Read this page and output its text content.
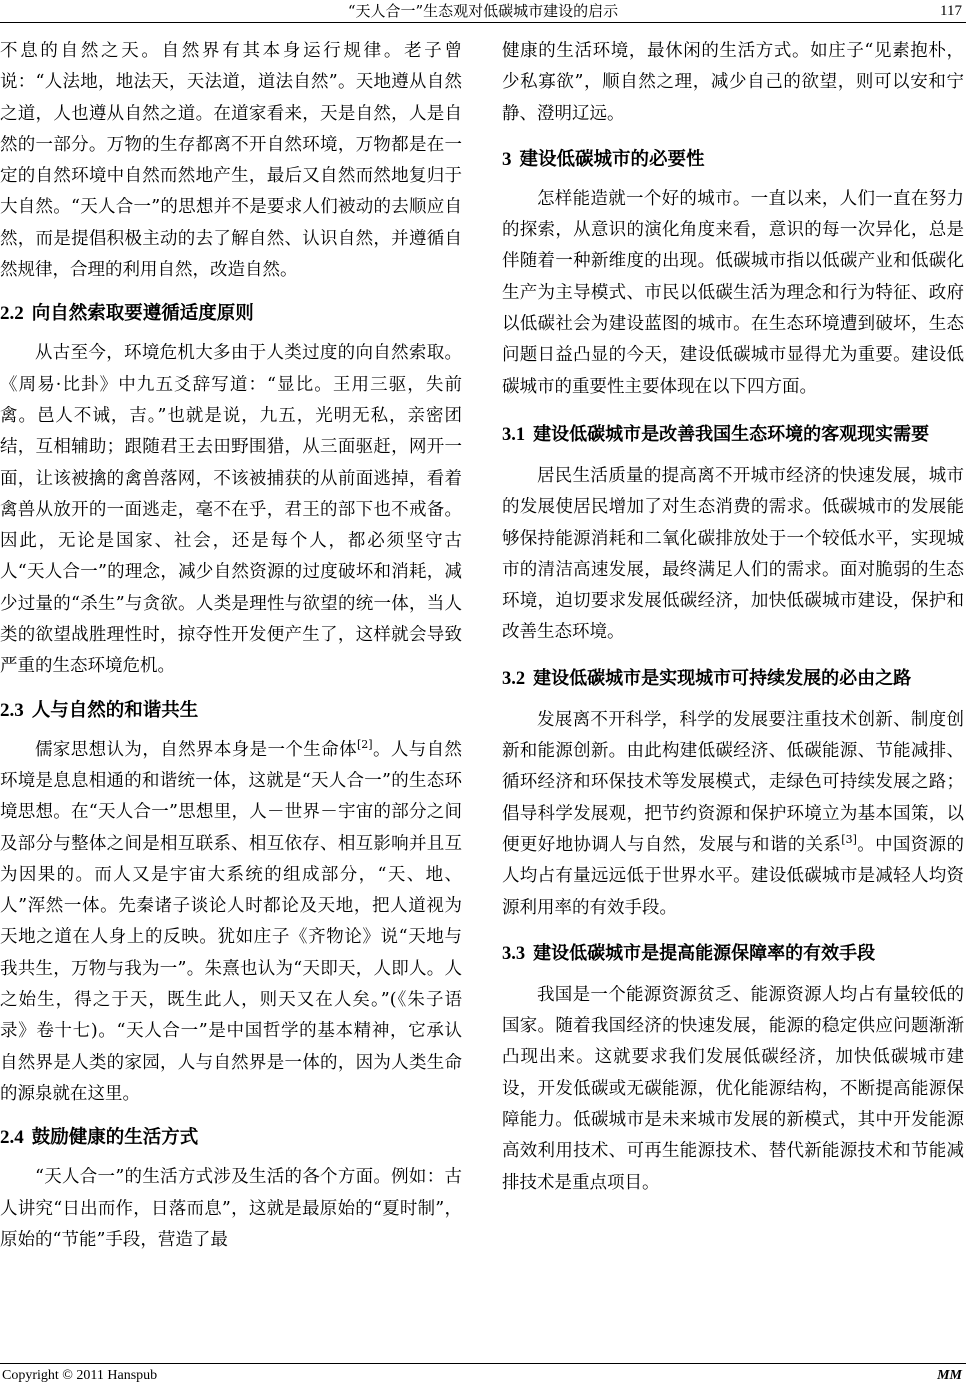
“天人合一”生态观对低碳城市建设的启示	117

不息的自然之天。自然界有其本身运行规律。老子曾说：“人法地，地法天，天法道，道法自然”。天地遵从自然之道，人也遵从自然之道。在道家看来，天是自然，人是自然的一部分。万物的生存都离不开自然环境，万物都是在一定的自然环境中自然而然地产生，最后又自然而然地复归于大自然。“天人合一”的思想并不是要求人们被动的去顺应自然，而是提倡积极主动的去了解自然、认识自然，并遵循自然规律，合理的利用自然，改造自然。

2.2 向自然索取要遵循适度原则

从古至今，环境危机大多由于人类过度的向自然索取。《周易·比卦》中九五爻辞写道：“显比。王用三驱，失前禽。邑人不诫，吉。”也就是说，九五，光明无私，亲密团结，互相辅助；跟随君王去田野围猎，从三面驱赶，网开一面，让该被擒的禽兽落网，不该被捕获的从前面逃掉，看着禽兽从放开的一面逃走，毫不在乎，君王的部下也不戒备。因此，无论是国家、社会，还是每个人，都必须坚守古人“天人合一”的理念，减少自然资源的过度破坏和消耗，减少过量的“杀生”与贪欲。人类是理性与欲望的统一体，当人类的欲望战胜理性时，掠夺性开发便产生了，这样就会导致严重的生态环境危机。

2.3 人与自然的和谐共生

儒家思想认为，自然界本身是一个生命体[2]。人与自然环境是息息相通的和谐统一体，这就是“天人合一”的生态环境思想。在“天人合一”思想里，人－世界－宇宙的部分之间及部分与整体之间是相互联系、相互依存、相互影响并且互为因果的。而人又是宇宙大系统的组成部分，“天、地、人”浑然一体。先秦诸子谈论人时都论及天地，把人道视为天地之道在人身上的反映。犹如庄子《齐物论》说“天地与我共生，万物与我为一”。朱熹也认为“天即天，人即人。人之始生，得之于天，既生此人，则天又在人矣。”(《朱子语录》卷十七)。“天人合一”是中国哲学的基本精神，它承认自然界是人类的家园，人与自然界是一体的，因为人类生命的源泉就在这里。

2.4 鼓励健康的生活方式

“天人合一”的生活方式涉及生活的各个方面。例如：古人讲究“日出而作，日落而息”，这就是最原始的“夏时制”，原始的“节能”手段，营造了最

健康的生活环境，最休闲的生活方式。如庄子“见素抱朴，少私寡欲”，顺自然之理，减少自己的欲望，则可以安和宁静、澄明辽远。

3 建设低碳城市的必要性

怎样能造就一个好的城市。一直以来，人们一直在努力的探索，从意识的演化角度来看，意识的每一次异化，总是伴随着一种新维度的出现。低碳城市指以低碳产业和低碳化生产为主导模式、市民以低碳生活为理念和行为特征、政府以低碳社会为建设蓝图的城市。在生态环境遭到破坏，生态问题日益凸显的今天，建设低碳城市显得尤为重要。建设低碳城市的重要性主要体现在以下四方面。

3.1 建设低碳城市是改善我国生态环境的客观现实需要

居民生活质量的提高离不开城市经济的快速发展，城市的发展使居民增加了对生态消费的需求。低碳城市的发展能够保持能源消耗和二氧化碳排放处于一个较低水平，实现城市的清洁高速发展，最终满足人们的需求。面对脆弱的生态环境，迫切要求发展低碳经济，加快低碳城市建设，保护和改善生态环境。

3.2 建设低碳城市是实现城市可持续发展的必由之路

发展离不开科学，科学的发展要注重技术创新、制度创新和能源创新。由此构建低碳经济、低碳能源、节能减排、循环经济和环保技术等发展模式，走绿色可持续发展之路；倡导科学发展观，把节约资源和保护环境立为基本国策，以便更好地协调人与自然，发展与和谐的关系[3]。中国资源的人均占有量远远低于世界水平。建设低碳城市是减轻人均资源利用率的有效手段。

3.3 建设低碳城市是提高能源保障率的有效手段

我国是一个能源资源贫乏、能源资源人均占有量较低的国家。随着我国经济的快速发展，能源的稳定供应问题渐渐凸现出来。这就要求我们发展低碳经济，加快低碳城市建设，开发低碳或无碳能源，优化能源结构，不断提高能源保障能力。低碳城市是未来城市发展的新模式，其中开发能源高效利用技术、可再生能源技术、替代新能源技术和节能减排技术是重点项目。

Copyright © 2011 Hanspub	MM
